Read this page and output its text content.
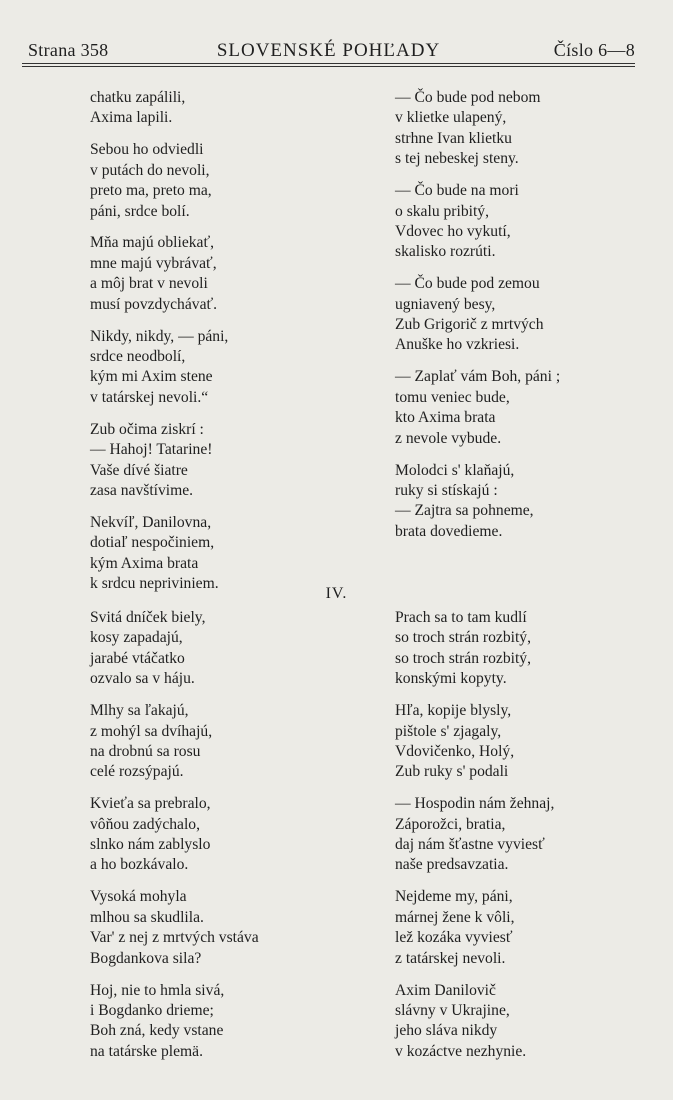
Strana 358	SLOVENSKÉ POHĽADY	Číslo 6—8
chatku zapálili,
Axima lapili.
Sebou ho odviedli
v putách do nevoli,
preto ma, preto ma,
páni, srdce bolí.
Mňa majú obliekať,
mne majú vybrávať,
a môj brat v nevoli
musí povzdychávať.
Nikdy, nikdy, — páni,
srdce neodbolí,
kým mi Axim stene
v tatárskej nevoli.“
Zub očima ziskrí :
— Hahoj! Tatarine!
Vaše dívé šiatre
zasa navštívime.
Nekvíľ, Danilovna,
dotiaľ nespočiniem,
kým Axima brata
k srdcu nepriviniem.
— Čo bude pod nebom
v klietke ulapený,
strhne Ivan klietku
s tej nebeskej steny.
— Čo bude na mori
o skalu pribitý,
Vdovec ho vykutí,
skalisko rozrúti.
— Čo bude pod zemou
ugniavený besy,
Zub Grigorič z mrtvých
Anuške ho vzkriesi.
— Zaplať vám Boh, páni ;
tomu veniec bude,
kto Axima brata
z nevole vybude.
Molodci s' klaňajú,
ruky si stískajú :
— Zajtra sa pohneme,
brata dovedieme.
IV.
Svitá dníček biely,
kosy zapadajú,
jarabé vtáčatko
ozvalo sa v háju.
Mlhy sa ľakajú,
z mohýl sa dvíhajú,
na drobnú sa rosu
celé rozsýpajú.
Kvieťa sa prebralo,
vôňou zadýchalo,
slnko nám zablyslo
a ho bozkávalo.
Vysoká mohyla
mlhou sa skudlila.
Var' z nej z mrtvých vstáva
Bogdankova sila?
Hoj, nie to hmla sivá,
i Bogdanko drieme;
Boh zná, kedy vstane
na tatárske plemä.
Prach sa to tam kudlí
so troch strán rozbitý,
so troch strán rozbitý,
konskými kopyty.
Hľa, kopije blysly,
pištole s' zjagaly,
Vdovičenko, Holý,
Zub ruky s' podali
— Hospodin nám žehnaj,
Záporožci, bratia,
daj nám šťastne vyviesť
naše predsavzatia.
Nejdeme my, páni,
márnej žene k vôli,
lež kozáka vyviesť
z tatárskej nevoli.
Axim Danilovič
slávny v Ukrajine,
jeho sláva nikdy
v kozáctve nezhynie.
